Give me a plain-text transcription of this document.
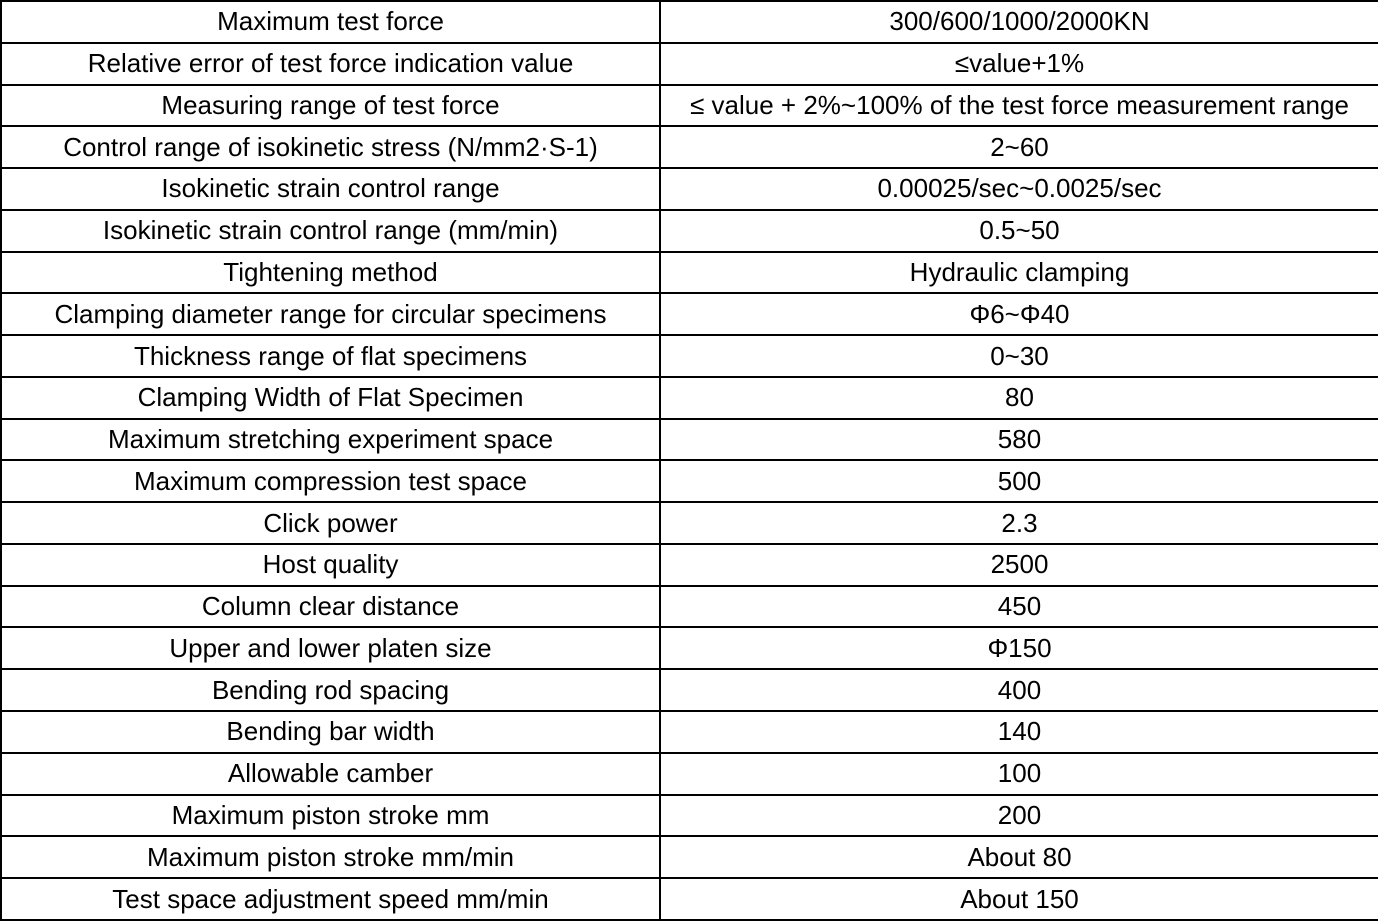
Maximum test force	300/600/1000/2000KN
Relative error of test force indication value	≤value+1%
Measuring range of test force	≤ value + 2%~100% of the test force measurement range
Control range of isokinetic stress (N/mm2·S-1)	2~60
Isokinetic strain control range	0.00025/sec~0.0025/sec
Isokinetic strain control range (mm/min)	0.5~50
Tightening method	Hydraulic clamping
Clamping diameter range for circular specimens	Φ6~Φ40
Thickness range of flat specimens	0~30
Clamping Width of Flat Specimen	80
Maximum stretching experiment space	580
Maximum compression test space	500
Click power	2.3
Host quality	2500
Column clear distance	450
Upper and lower platen size	Φ150
Bending rod spacing	400
Bending bar width	140
Allowable camber	100
Maximum piston stroke mm	200
Maximum piston stroke mm/min	About 80
Test space adjustment speed mm/min	About 150
